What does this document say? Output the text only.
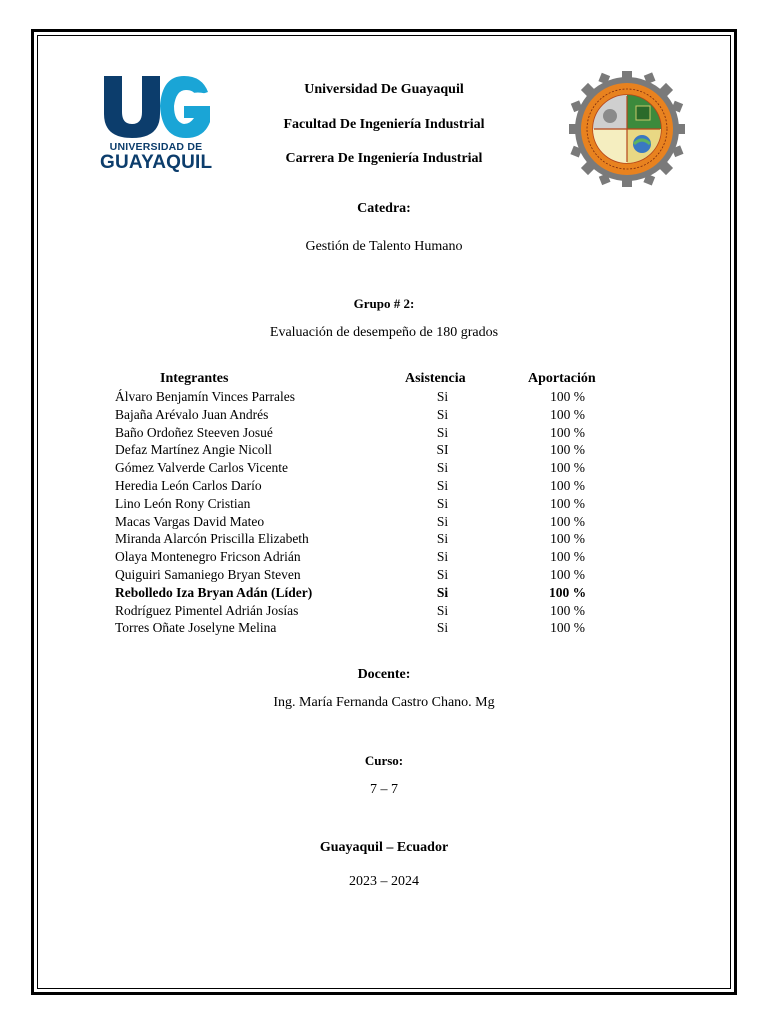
UNIVERSIDAD DE
GUAYAQUIL
Universidad De Guayaquil
Facultad De Ingeniería Industrial
Carrera De Ingeniería Industrial
Catedra:
Gestión de Talento Humano
Grupo # 2:
Evaluación de desempeño de 180 grados
Integrantes	Asistencia	Aportación
Álvaro Benjamín Vinces Parrales	Si	100 %
Bajaña Arévalo Juan Andrés	Si	100 %
Baño Ordoñez Steeven Josué	Si	100 %
Defaz Martínez Angie Nicoll	SI	100 %
Gómez Valverde Carlos Vicente	Si	100 %
Heredia León Carlos Darío	Si	100 %
Lino León Rony Cristian	Si	100 %
Macas Vargas David Mateo	Si	100 %
Miranda Alarcón Priscilla Elizabeth	Si	100 %
Olaya Montenegro Fricson Adrián	Si	100 %
Quiguiri Samaniego Bryan Steven	Si	100 %
Rebolledo Iza Bryan Adán (Líder)	Si	100 %
Rodríguez Pimentel Adrián Josías	Si	100 %
Torres Oñate Joselyne Melina	Si	100 %
Docente:
Ing. María Fernanda Castro Chano. Mg
Curso:
7 – 7
Guayaquil – Ecuador
2023 – 2024
